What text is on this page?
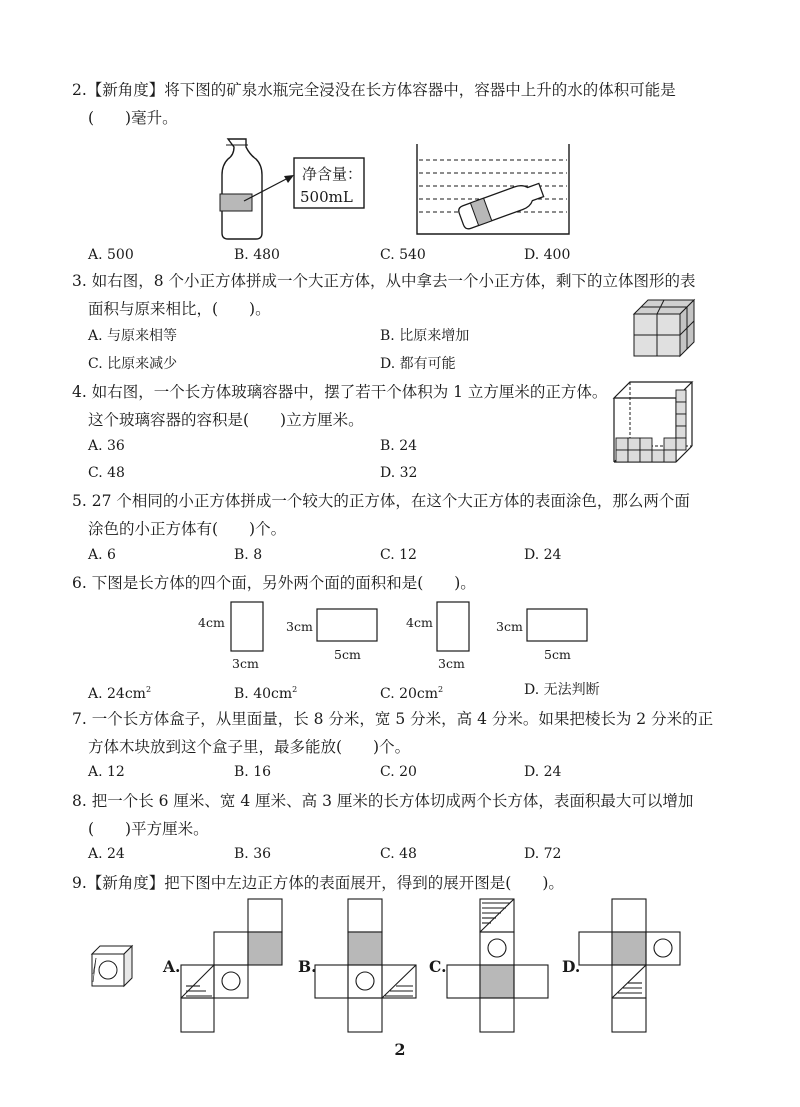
2.【新角度】将下图的矿泉水瓶完全浸没在长方体容器中，容器中上升的水的体积可能是
(　　)毫升。
净含量：
500mL
A. 500	B. 480	C. 540	D. 400
3. 如右图，8 个小正方体拼成一个大正方体，从中拿去一个小正方体，剩下的立体图形的表
面积与原来相比，(　　)。
A. 与原来相等	B. 比原来增加
C. 比原来减少	D. 都有可能
4. 如右图，一个长方体玻璃容器中，摆了若干个体积为 1 立方厘米的正方体。
这个玻璃容器的容积是(　　)立方厘米。
A. 36	B. 24
C. 48	D. 32
5. 27 个相同的小正方体拼成一个较大的正方体，在这个大正方体的表面涂色，那么两个面
涂色的小正方体有(　　)个。
A. 6	B. 8	C. 12	D. 24
6. 下图是长方体的四个面，另外两个面的面积和是(　　)。
4cm
3cm
3cm
5cm
4cm
3cm
3cm
5cm
A. $24cm^2$	B. $40cm^2$	C. $20cm^2$	D. 无法判断
7. 一个长方体盒子，从里面量，长 8 分米，宽 5 分米，高 4 分米。如果把棱长为 2 分米的正
方体木块放到这个盒子里，最多能放(　　)个。
A. 12	B. 16	C. 20	D. 24
8. 把一个长 6 厘米、宽 4 厘米、高 3 厘米的长方体切成两个长方体，表面积最大可以增加
(　　)平方厘米。
A. 24	B. 36	C. 48	D. 72
9.【新角度】把下图中左边正方体的表面展开，得到的展开图是(　　)。
A.	B.	C.	D.
2
